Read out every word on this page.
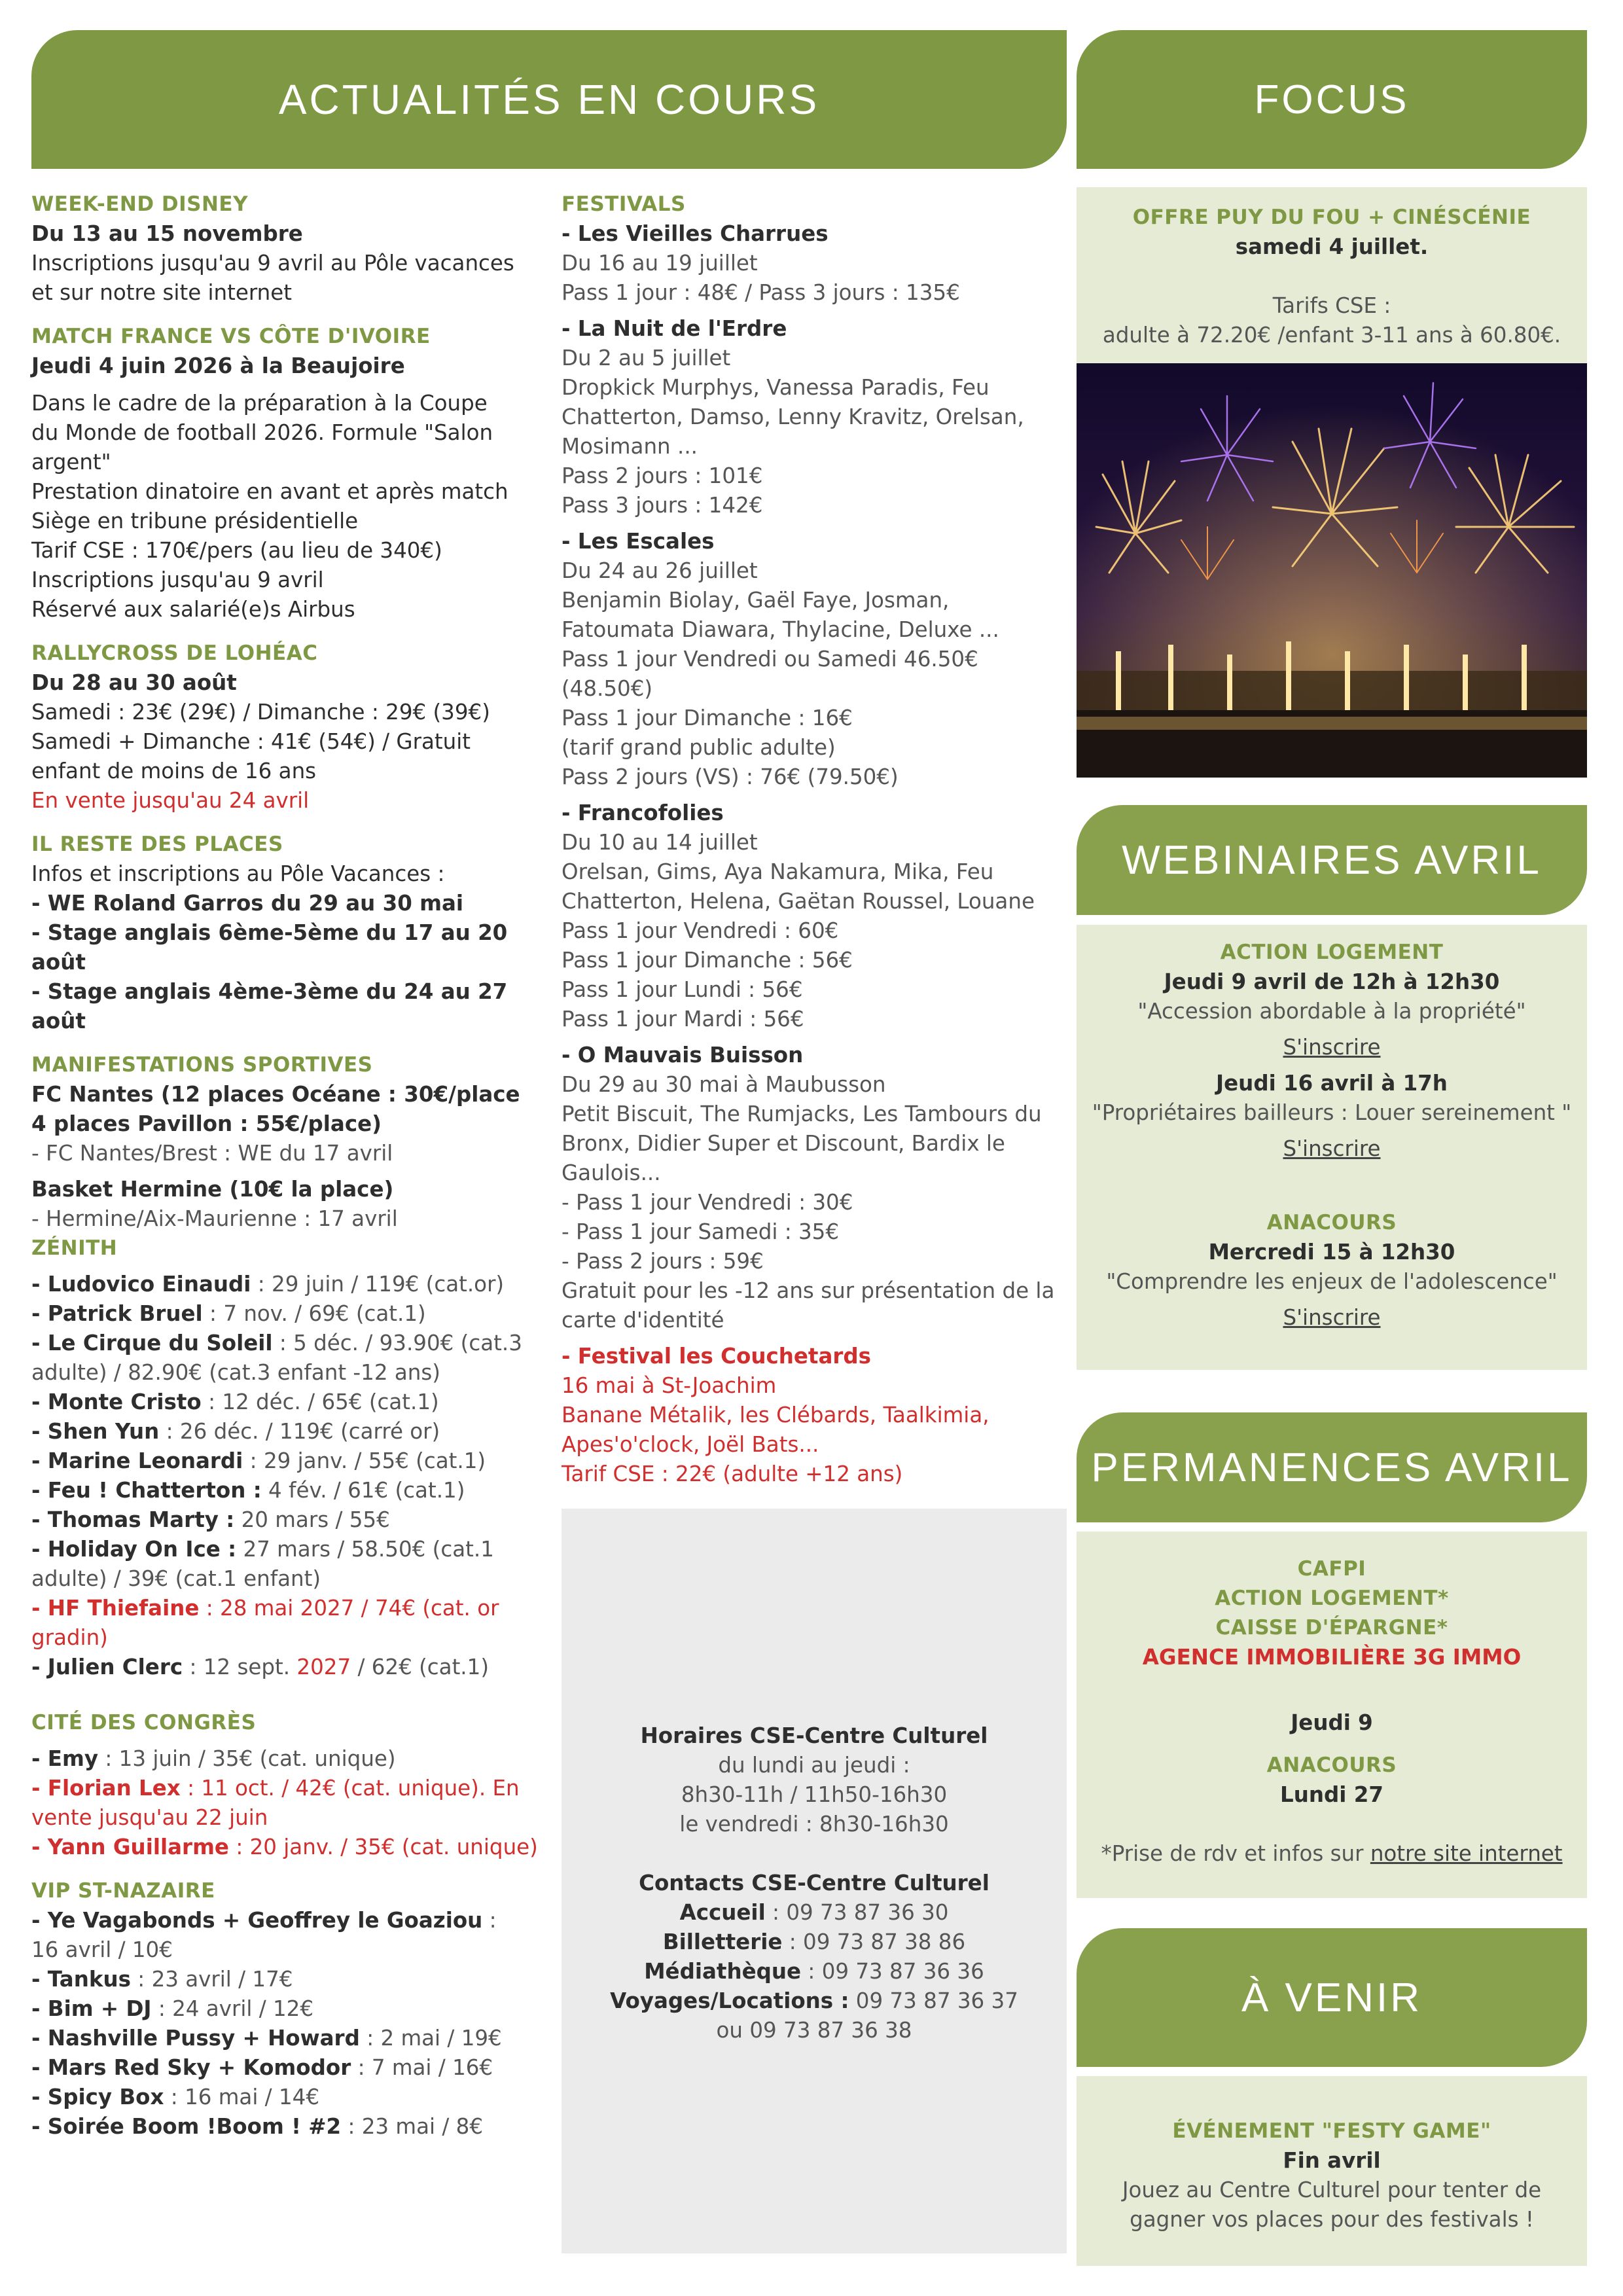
ACTUALITÉS EN COURS	FOCUS
WEBINAIRES AVRIL
PERMANENCES AVRIL
À VENIR
WEEK-END DISNEY
Du 13 au 15 novembre
Inscriptions jusqu'au 9 avril au Pôle vacances
et sur notre site internet
MATCH FRANCE VS CÔTE D'IVOIRE
Jeudi 4 juin 2026 à la Beaujoire
Dans le cadre de la préparation à la Coupe
du Monde de football 2026. Formule "Salon
argent"
Prestation dinatoire en avant et après match
Siège en tribune présidentielle
Tarif CSE : 170€/pers (au lieu de 340€)
Inscriptions jusqu'au 9 avril
Réservé aux salarié(e)s Airbus
RALLYCROSS DE LOHÉAC
Du 28 au 30 août
Samedi : 23€ (29€) / Dimanche : 29€ (39€)
Samedi + Dimanche : 41€ (54€) / Gratuit
enfant de moins de 16 ans
En vente jusqu'au 24 avril
IL RESTE DES PLACES
Infos et inscriptions au Pôle Vacances :
- WE Roland Garros du 29 au 30 mai
- Stage anglais 6ème-5ème du 17 au 20 août
- Stage anglais 4ème-3ème du 24 au 27 août
MANIFESTATIONS SPORTIVES
FC Nantes (12 places Océane : 30€/place
4 places Pavillon : 55€/place)
- FC Nantes/Brest : WE du 17 avril
Basket Hermine (10€ la place)
- Hermine/Aix-Maurienne : 17 avril
ZÉNITH
- Ludovico Einaudi : 29 juin / 119€ (cat.or)
- Patrick Bruel : 7 nov. / 69€ (cat.1)
- Le Cirque du Soleil : 5 déc. / 93.90€ (cat.3
adulte) / 82.90€ (cat.3 enfant -12 ans)
- Monte Cristo : 12 déc. / 65€ (cat.1)
- Shen Yun : 26 déc. / 119€ (carré or)
- Marine Leonardi : 29 janv. / 55€ (cat.1)
- Feu ! Chatterton : 4 fév. / 61€ (cat.1)
- Thomas Marty : 20 mars / 55€
- Holiday On Ice : 27 mars / 58.50€ (cat.1
adulte) / 39€ (cat.1 enfant)
- HF Thiefaine : 28 mai 2027 / 74€ (cat. or
gradin)
- Julien Clerc : 12 sept. 2027 / 62€ (cat.1)
CITÉ DES CONGRÈS
- Emy : 13 juin / 35€ (cat. unique)
- Florian Lex : 11 oct. / 42€ (cat. unique). En
vente jusqu'au 22 juin
- Yann Guillarme : 20 janv. / 35€ (cat. unique)
VIP ST-NAZAIRE
- Ye Vagabonds + Geoffrey le Goaziou :
16 avril / 10€
- Tankus : 23 avril / 17€
- Bim + DJ : 24 avril / 12€
- Nashville Pussy + Howard : 2 mai / 19€
- Mars Red Sky + Komodor : 7 mai / 16€
- Spicy Box : 16 mai / 14€
- Soirée Boom !Boom ! #2 : 23 mai / 8€
FESTIVALS
- Les Vieilles Charrues
Du 16 au 19 juillet
Pass 1 jour : 48€ / Pass 3 jours : 135€
- La Nuit de l'Erdre
Du 2 au 5 juillet
Dropkick Murphys, Vanessa Paradis, Feu
Chatterton, Damso, Lenny Kravitz, Orelsan,
Mosimann ...
Pass 2 jours : 101€
Pass 3 jours : 142€
- Les Escales
Du 24 au 26 juillet
Benjamin Biolay, Gaël Faye, Josman,
Fatoumata Diawara, Thylacine, Deluxe ...
Pass 1 jour Vendredi ou Samedi 46.50€
(48.50€)
Pass 1 jour Dimanche : 16€
(tarif grand public adulte)
Pass 2 jours (VS) : 76€ (79.50€)
- Francofolies
Du 10 au 14 juillet
Orelsan, Gims, Aya Nakamura, Mika, Feu
Chatterton, Helena, Gaëtan Roussel, Louane
Pass 1 jour Vendredi : 60€
Pass 1 jour Dimanche : 56€
Pass 1 jour Lundi : 56€
Pass 1 jour Mardi : 56€
- O Mauvais Buisson
Du 29 au 30 mai à Maubusson
Petit Biscuit, The Rumjacks, Les Tambours du
Bronx, Didier Super et Discount, Bardix le
Gaulois...
- Pass 1 jour Vendredi : 30€
- Pass 1 jour Samedi : 35€
- Pass 2 jours : 59€
Gratuit pour les -12 ans sur présentation de la
carte d'identité
- Festival les Couchetards
16 mai à St-Joachim
Banane Métalik, les Clébards, Taalkimia,
Apes'o'clock, Joël Bats...
Tarif CSE : 22€ (adulte +12 ans)
Horaires CSE-Centre Culturel
du lundi au jeudi :
8h30-11h / 11h50-16h30
le vendredi : 8h30-16h30
Contacts CSE-Centre Culturel
Accueil : 09 73 87 36 30
Billetterie : 09 73 87 38 86
Médiathèque : 09 73 87 36 36
Voyages/Locations : 09 73 87 36 37
ou 09 73 87 36 38
OFFRE PUY DU FOU + CINÉSCÉNIE
samedi 4 juillet.
Tarifs CSE :
adulte à 72.20€ /enfant 3-11 ans à 60.80€.
ACTION LOGEMENT
Jeudi 9 avril de 12h à 12h30
"Accession abordable à la propriété"
S'inscrire
Jeudi 16 avril à 17h
"Propriétaires bailleurs : Louer sereinement "
S'inscrire
ANACOURS
Mercredi 15 à 12h30
"Comprendre les enjeux de l'adolescence"
S'inscrire
CAFPI
ACTION LOGEMENT*
CAISSE D'ÉPARGNE*
AGENCE IMMOBILIÈRE 3G IMMO
Jeudi 9
ANACOURS
Lundi 27
*Prise de rdv et infos sur notre site internet
ÉVÉNEMENT "FESTY GAME"
Fin avril
Jouez au Centre Culturel pour tenter de
gagner vos places pour des festivals !
